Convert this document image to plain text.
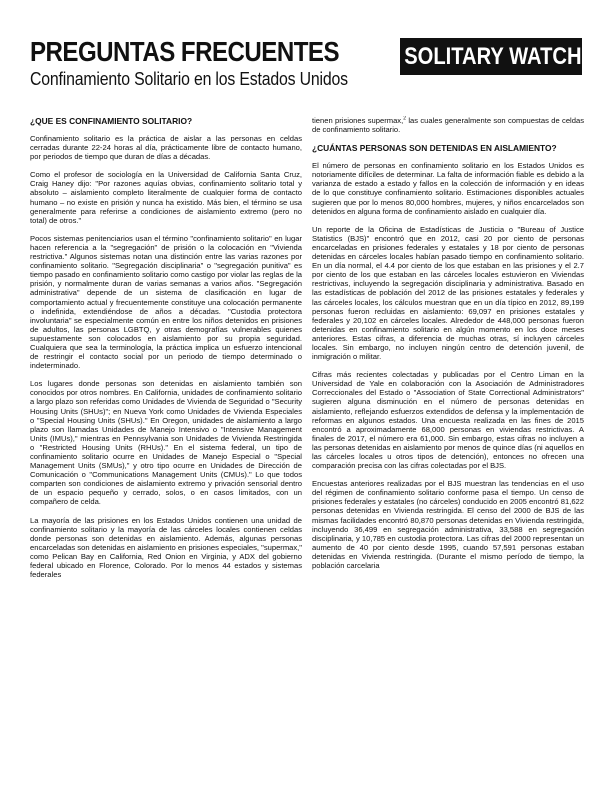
PREGUNTAS FRECUENTES
Confinamiento Solitario en los Estados Unidos
SOLITARY WATCH
¿QUE ES CONFINAMIENTO SOLITARIO?

Confinamiento solitario es la práctica de aislar a las personas en celdas cerradas durante 22-24 horas al día, prácticamente libre de contacto humano, por periodos de tiempo que duran de días a décadas.

Como el profesor de sociología en la Universidad de California Santa Cruz, Craig Haney dijo: "Por razones aquías obvias, confinamiento solitario total y absoluto – aislamiento completo literalmente de cualquier forma de contacto humano – no existe en prisión y nunca ha existido. Más bien, el término se usa generalmente para referirse a condiciones de aislamiento extremo (pero no total) de otros."

Pocos sistemas penitenciarios usan el término "confinamiento solitario" en lugar hacen referencia a la "segregación" de prisión o la colocación en "Vivienda restrictiva." Algunos sistemas notan una distinción entre las varias razones por confinamiento solitario. "Segregación disciplinaria" o "segregación punitiva" es tiempo pasado en confinamiento solitario como castigo por violar las reglas de la prisión, y normalmente duran de varias semanas a varios años. "Segregación administrativa" depende de un sistema de clasificación en lugar de comportamiento actual y frecuentemente constituye una colocación permanente o indefinida, extendiéndose de años a décadas. "Custodia protectora involuntaria" se especialmente común en entre los niños detenidos en prisiones de adultos, las personas LGBTQ, y otras demografías vulnerables quienes supuestamente son colocados en aislamiento por su propia seguridad. Cualquiera que sea la terminología, la práctica implica un esfuerzo intencional de restringir el contacto social por un periodo de tiempo determinado o indeterminado.

Los lugares donde personas son detenidas en aislamiento también son conocidos por otros nombres. En California, unidades de confinamiento solitario a largo plazo son referidas como Unidades de Vivienda de Seguridad o "Security Housing Units (SHUs)"; en Nueva York como Unidades de Vivienda Especiales o "Special Housing Units (SHUs)." En Oregon, unidades de aislamiento a largo plazo son llamadas Unidades de Manejo Intensivo o "Intensive Management Units (IMUs)," mientras en Pennsylvania son Unidades de Vivienda Restringida o "Restricted Housing Units (RHUs)." En el sistema federal, un tipo de confinamiento solitario ocurre en Unidades de Manejo Especial o "Special Management Units (SMUs)," y otro tipo ocurre en Unidades de Dirección de Comunicación o "Communications Management Units (CMUs)." Lo que todos comparten son condiciones de aislamiento extremo y privación sensorial dentro de un espacio pequeño y cerrado, solos, o en casos limitados, con un compañero de celda.

La mayoría de las prisiones en los Estados Unidos contienen una unidad de confinamiento solitario y la mayoría de las cárceles locales contienen celdas donde personas son detenidas en aislamiento. Además, algunas personas encarceladas son detenidas en aislamiento en prisiones especiales, "supermax," como Pelican Bay en California, Red Onion en Virginia, y ADX del gobierno federal ubicado en Florence, Colorado. Por lo menos 44 estados y sistemas federales

tienen prisiones supermax,$^2$ las cuales generalmente son compuestas de celdas de confinamiento solitario.

¿CUÁNTAS PERSONAS SON DETENIDAS EN AISLAMIENTO?

El número de personas en confinamiento solitario en los Estados Unidos es notoriamente difíciles de determinar. La falta de información fiable es debido a la varianza de estado a estado y fallos en la colección de información y en ideas de lo que constituye confinamiento solitario. Estimaciones disponibles actuales sugieren que por lo menos 80,000 hombres, mujeres, y niños encarcelados son detenidos en alguna forma de confinamiento aislado en cualquier día.

Un reporte de la Oficina de Estadísticas de Justicia o "Bureau of Justice Statistics (BJS)" encontró que en 2012, casi 20 por ciento de personas encarceladas en prisiones federales y estatales y 18 por ciento de personas detenidas en cárceles locales habían pasado tiempo en confinamiento solitario. En un día normal, el 4.4 por ciento de los que estaban en las prisiones y el 2.7 por ciento de los que estaban en las cárceles locales estuvieron en Viviendas restrictivas, incluyendo la segregación disciplinaria y administrativa. Basado en las estadísticas de población del 2012 de las prisiones estatales y federales y las cárceles locales, los cálculos muestran que en un día típico en 2012, 89,199 personas fueron recluidas en aislamiento: 69,097 en prisiones estatales y federales y 20,102 en cárceles locales. Alrededor de 448,000 personas fueron detenidas en confinamiento solitario en algún momento en los doce meses anteriores. Estas cifras, a diferencia de muchas otras, sí incluyen cárceles locales. Sin embargo, no incluyen ningún centro de detención juvenil, de inmigración o militar.

Cifras más recientes colectadas y publicadas por el Centro Liman en la Universidad de Yale en colaboración con la Asociación de Administradores Correccionales del Estado o "Association of State Correctional Administrators" sugieren alguna disminución en el número de personas detenidas en aislamiento, reflejando esfuerzos extendidos de defensa y la implementación de reformas en algunos estados. Una encuesta realizada en las fines de 2015 encontró a aproximadamente 68,000 personas en viviendas restrictivas. A finales de 2017, el número era 61,000. Sin embargo, estas cifras no incluyen a las personas detenidas en aislamiento por menos de quince días (ni aquellos en las cárceles locales u otros tipos de detención), entonces no ofrecen una comparación precisa con las cifras colectadas por el BJS.

Encuestas anteriores realizadas por el BJS muestran las tendencias en el uso del régimen de confinamiento solitario conforme pasa el tiempo. Un censo de prisiones federales y estatales (no cárceles) conducido en 2005 encontró 81,622 personas detenidas en Vivienda restringida. El censo del 2000 de BJS de las mismas facilidades encontró 80,870 personas detenidas en Vivienda restringida, incluyendo 36,499 en segregación administrativa, 33,588 en segregación disciplinaria, y 10,785 en custodia protectora. Las cifras del 2000 representan un aumento de 40 por ciento desde 1995, cuando 57,591 personas estaban detenidas en Vivienda restringida. (Durante el mismo período de tiempo, la población carcelaria
